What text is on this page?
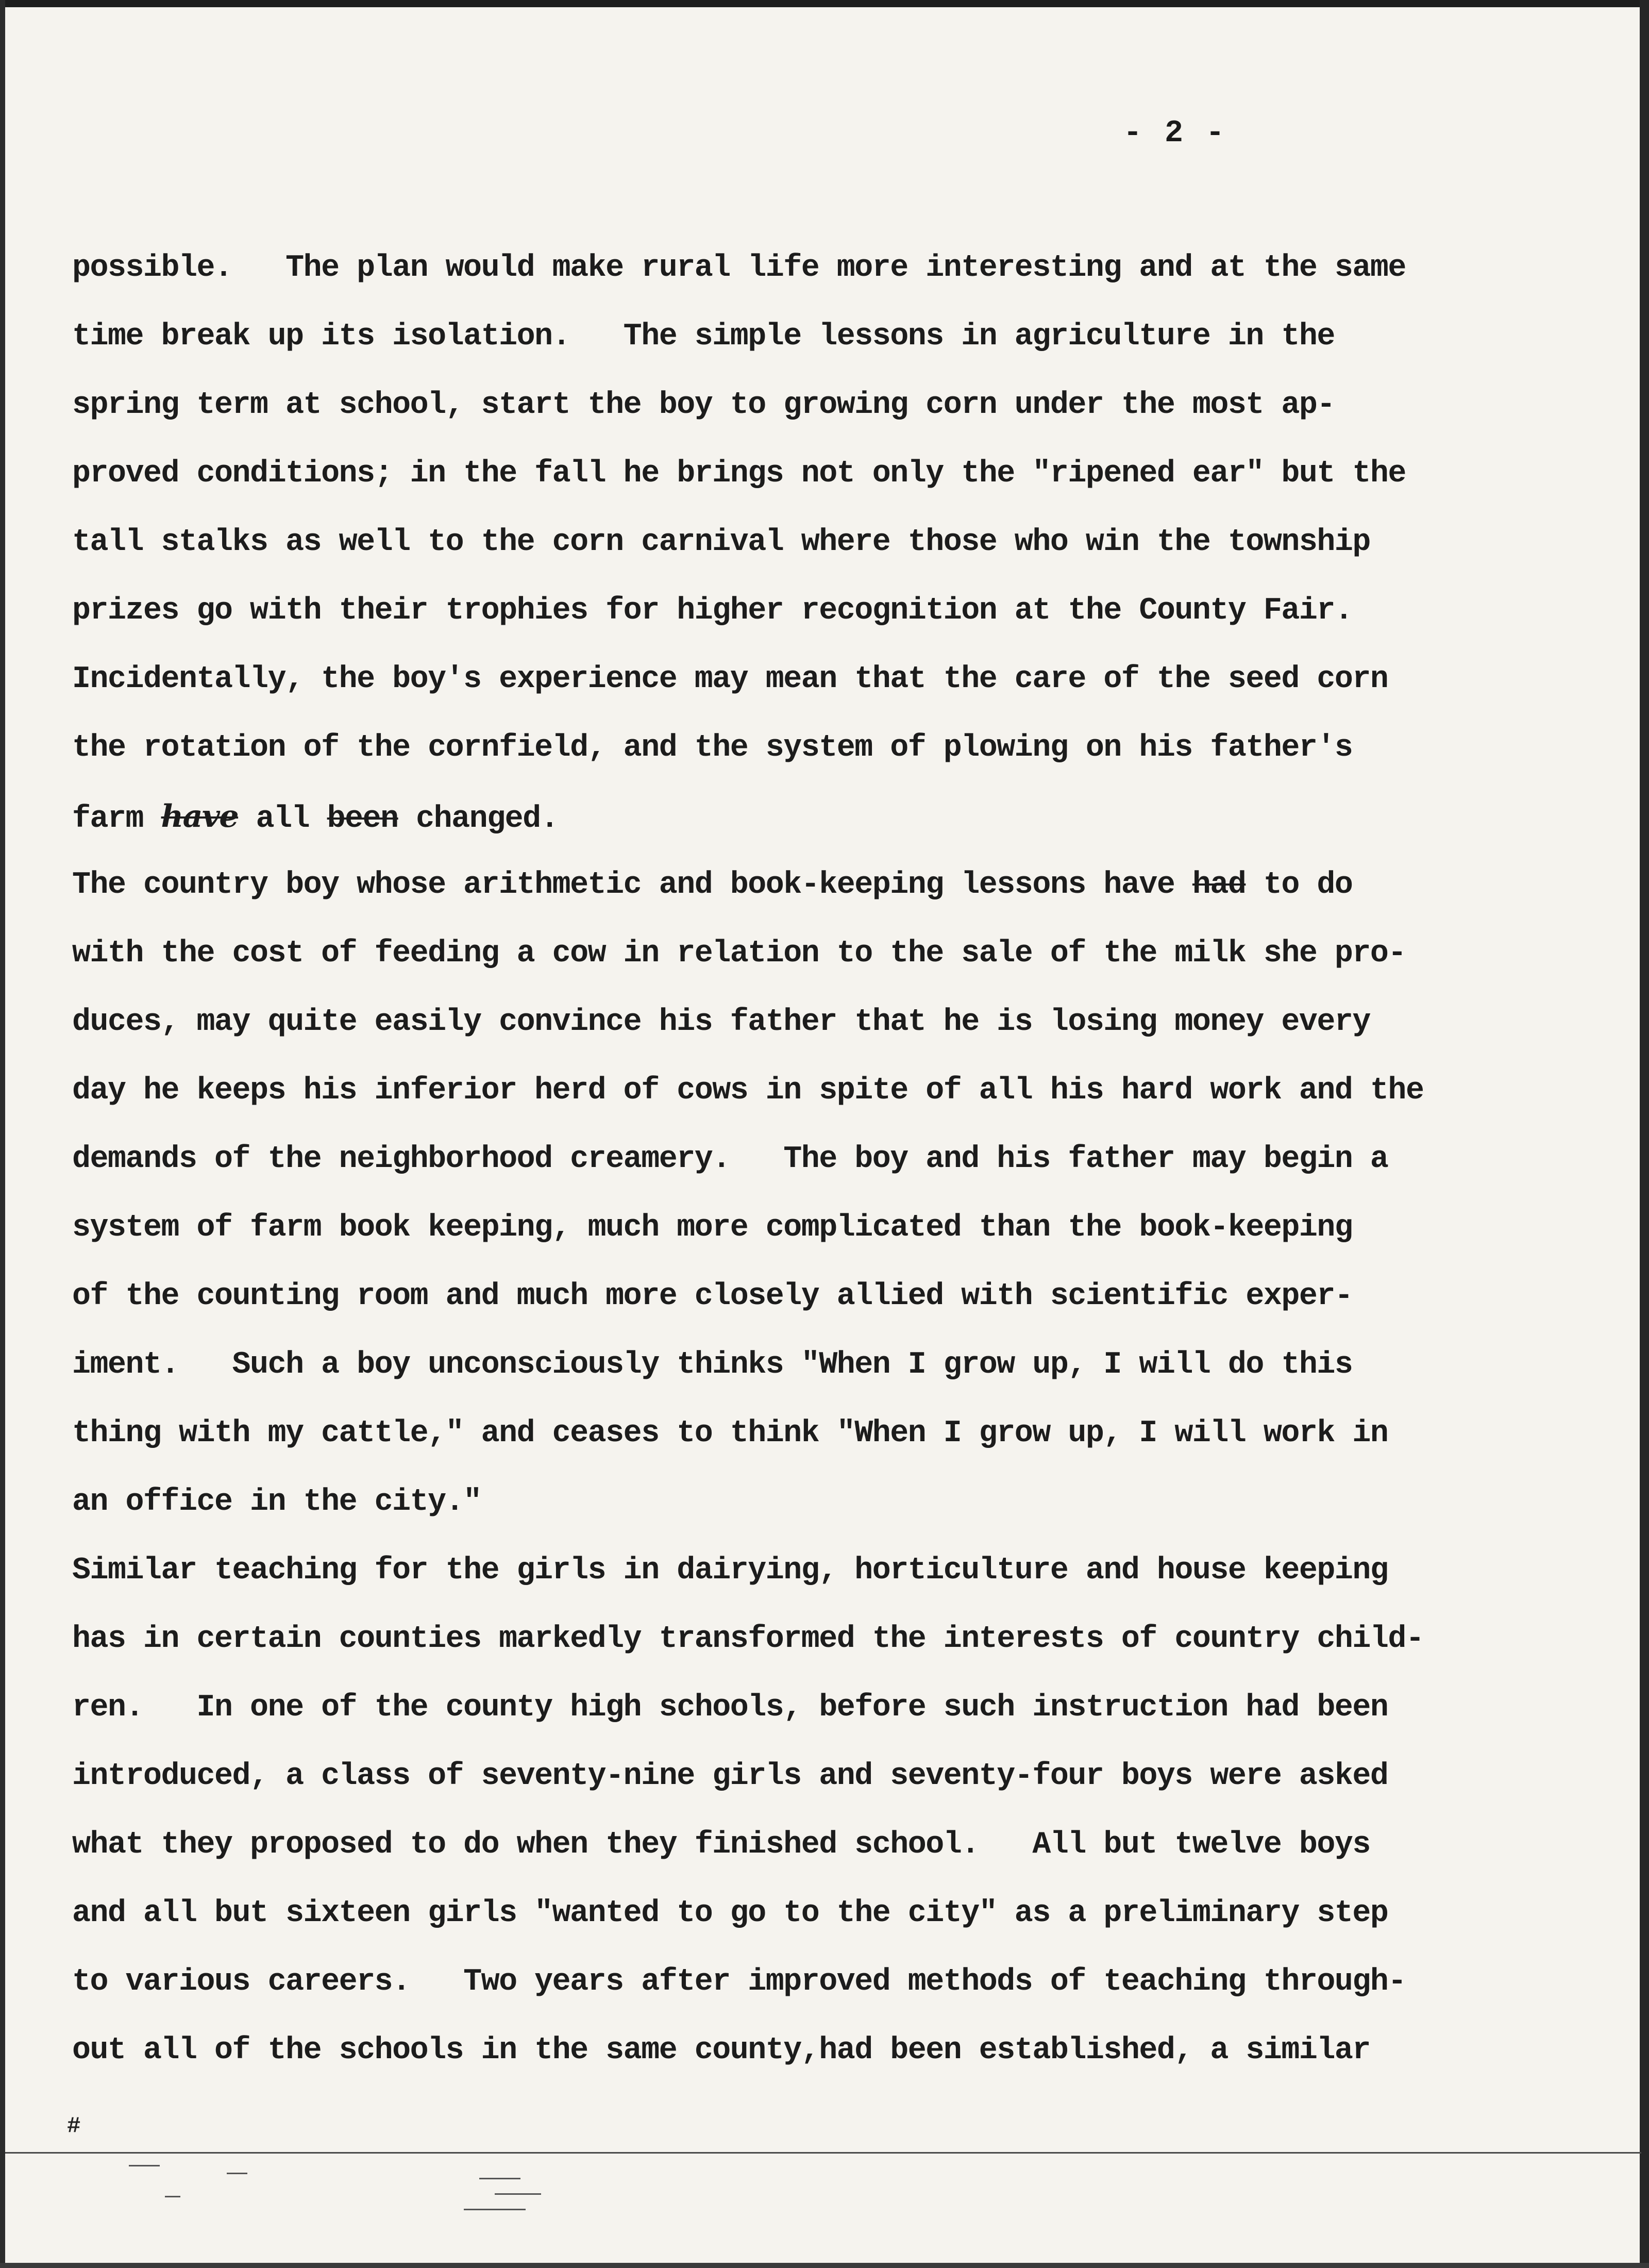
- 2 -
possible.   The plan would make rural life more interesting and at the same
time break up its isolation.   The simple lessons in agriculture in the
spring term at school, start the boy to growing corn under the most ap-
proved conditions; in the fall he brings not only the "ripened ear" but the
tall stalks as well to the corn carnival where those who win the township
prizes go with their trophies for higher recognition at the County Fair.
Incidentally, the boy's experience may mean that the care of the seed corn
the rotation of the cornfield, and the system of plowing on his father's
farm have all been changed.
The country boy whose arithmetic and book-keeping lessons have had to do
with the cost of feeding a cow in relation to the sale of the milk she pro-
duces, may quite easily convince his father that he is losing money every
day he keeps his inferior herd of cows in spite of all his hard work and the
demands of the neighborhood creamery.   The boy and his father may begin a
system of farm book keeping, much more complicated than the book-keeping
of the counting room and much more closely allied with scientific exper-
iment.   Such a boy unconsciously thinks "When I grow up, I will do this
thing with my cattle," and ceases to think "When I grow up, I will work in
an office in the city."
Similar teaching for the girls in dairying, horticulture and house keeping
has in certain counties markedly transformed the interests of country child-
ren.   In one of the county high schools, before such instruction had been
introduced, a class of seventy-nine girls and seventy-four boys were asked
what they proposed to do when they finished school.   All but twelve boys
and all but sixteen girls "wanted to go to the city" as a preliminary step
to various careers.   Two years after improved methods of teaching through-
out all of the schools in the same county,had been established, a similar
#
